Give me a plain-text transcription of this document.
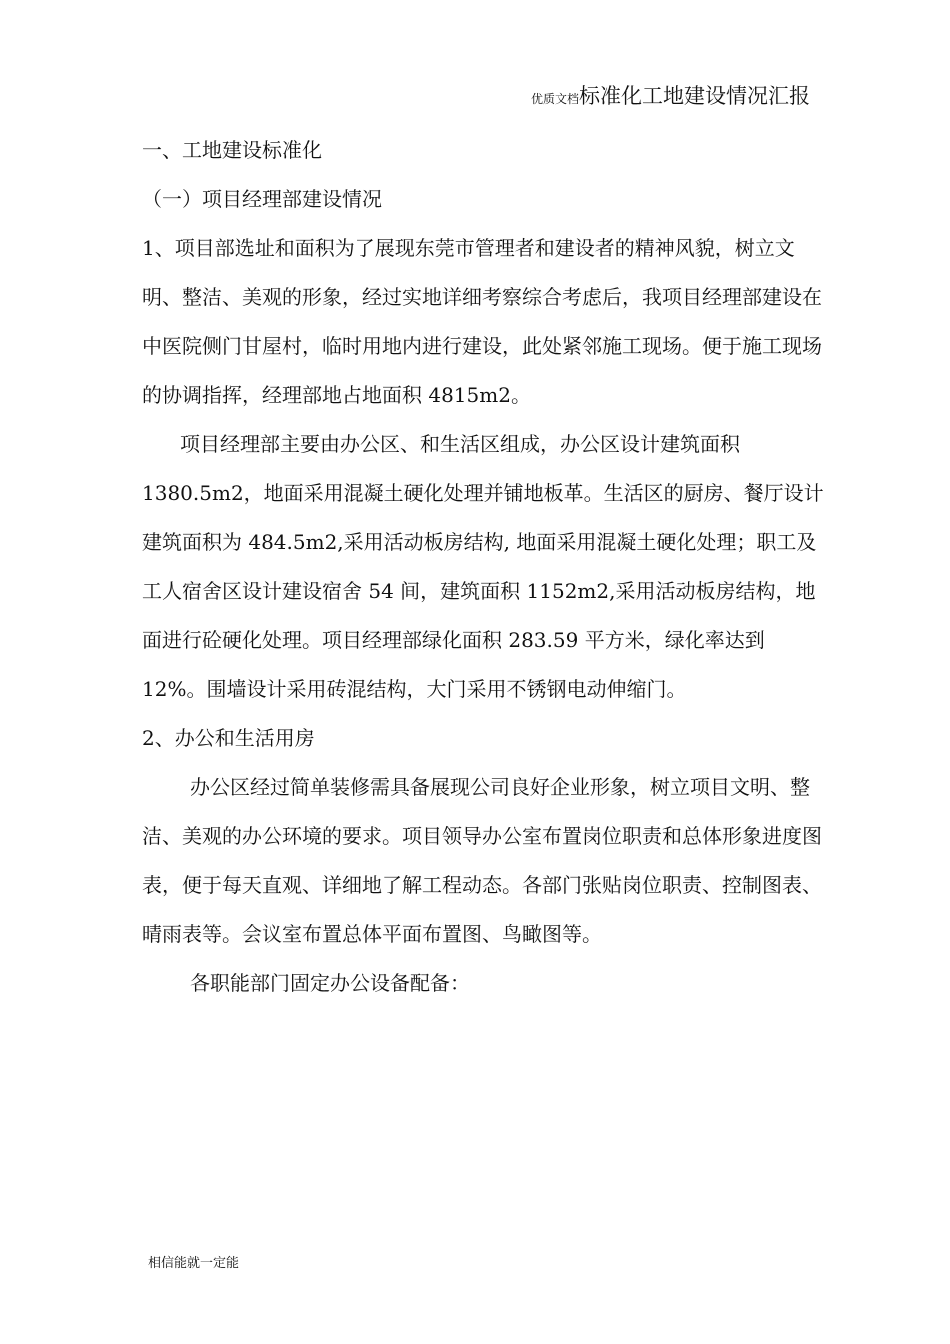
优质文档标准化工地建设情况汇报

一、工地建设标准化

（一）项目经理部建设情况

1、项目部选址和面积为了展现东莞市管理者和建设者的精神风貌，树立文明、整洁、美观的形象，经过实地详细考察综合考虑后，我项目经理部建设在中医院侧门甘屋村，临时用地内进行建设，此处紧邻施工现场。便于施工现场的协调指挥，经理部地占地面积 4815m2。

项目经理部主要由办公区、和生活区组成，办公区设计建筑面积 1380.5m2，地面采用混凝土硬化处理并铺地板革。生活区的厨房、餐厅设计建筑面积为 484.5m2,采用活动板房结构, 地面采用混凝土硬化处理；职工及工人宿舍区设计建设宿舍 54 间，建筑面积 1152m2,采用活动板房结构，地面进行砼硬化处理。项目经理部绿化面积 283.59 平方米，绿化率达到 12%。围墙设计采用砖混结构，大门采用不锈钢电动伸缩门。

2、办公和生活用房

办公区经过简单装修需具备展现公司良好企业形象，树立项目文明、整洁、美观的办公环境的要求。项目领导办公室布置岗位职责和总体形象进度图表，便于每天直观、详细地了解工程动态。各部门张贴岗位职责、控制图表、晴雨表等。会议室布置总体平面布置图、鸟瞰图等。

各职能部门固定办公设备配备：

相信能就一定能
